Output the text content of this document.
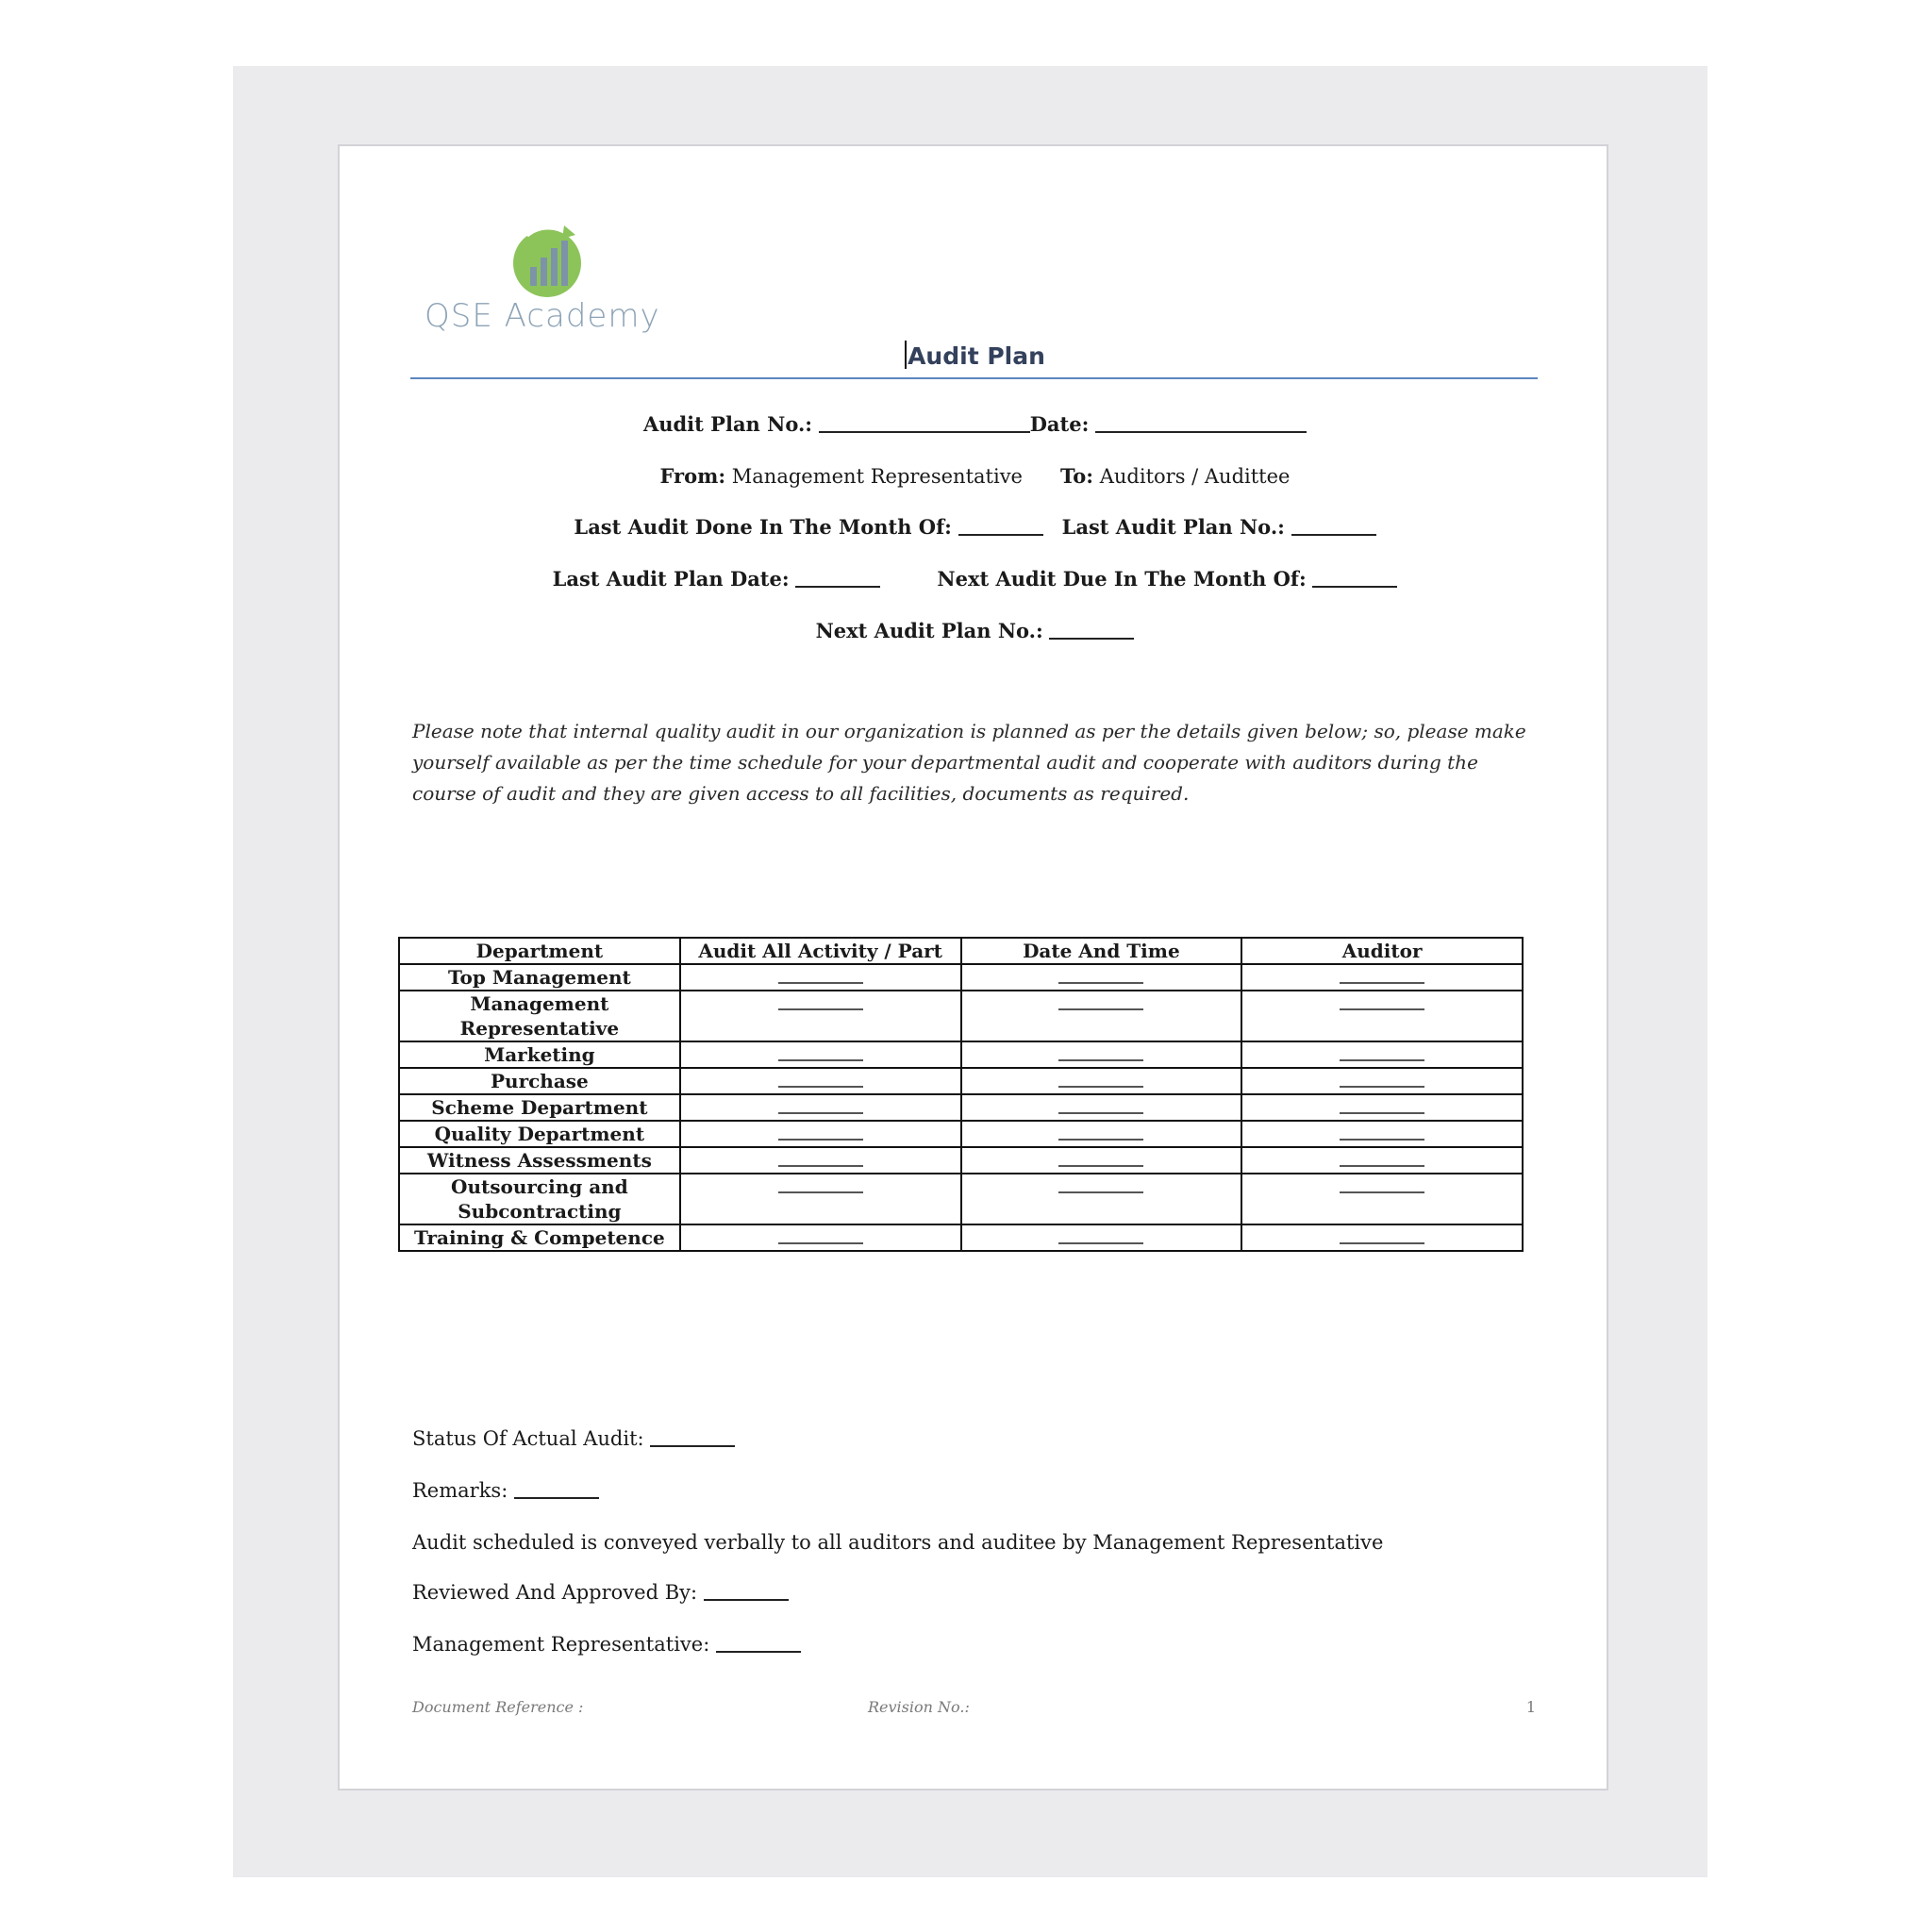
QSE Academy
Audit Plan
Audit Plan No.:	Date:
From: Management Representative To: Auditors / Audittee
Last Audit Done In The Month Of:	Last Audit Plan No.:
Last Audit Plan Date:	Next Audit Due In The Month Of:
Next Audit Plan No.:
Please note that internal quality audit in our organization is planned as per the details given below; so, please make yourself available as per the time schedule for your departmental audit and cooperate with auditors during the course of audit and they are given access to all facilities, documents as required.
Department	Audit All Activity / Part	Date And Time	Auditor
Top Management			
Management Representative			
Marketing			
Purchase			
Scheme Department			
Quality Department			
Witness Assessments			
Outsourcing and Subcontracting			
Training & Competence			
Status Of Actual Audit:
Remarks:
Audit scheduled is conveyed verbally to all auditors and auditee by Management Representative
Reviewed And Approved By:
Management Representative:
Document Reference :	Revision No.:	1
